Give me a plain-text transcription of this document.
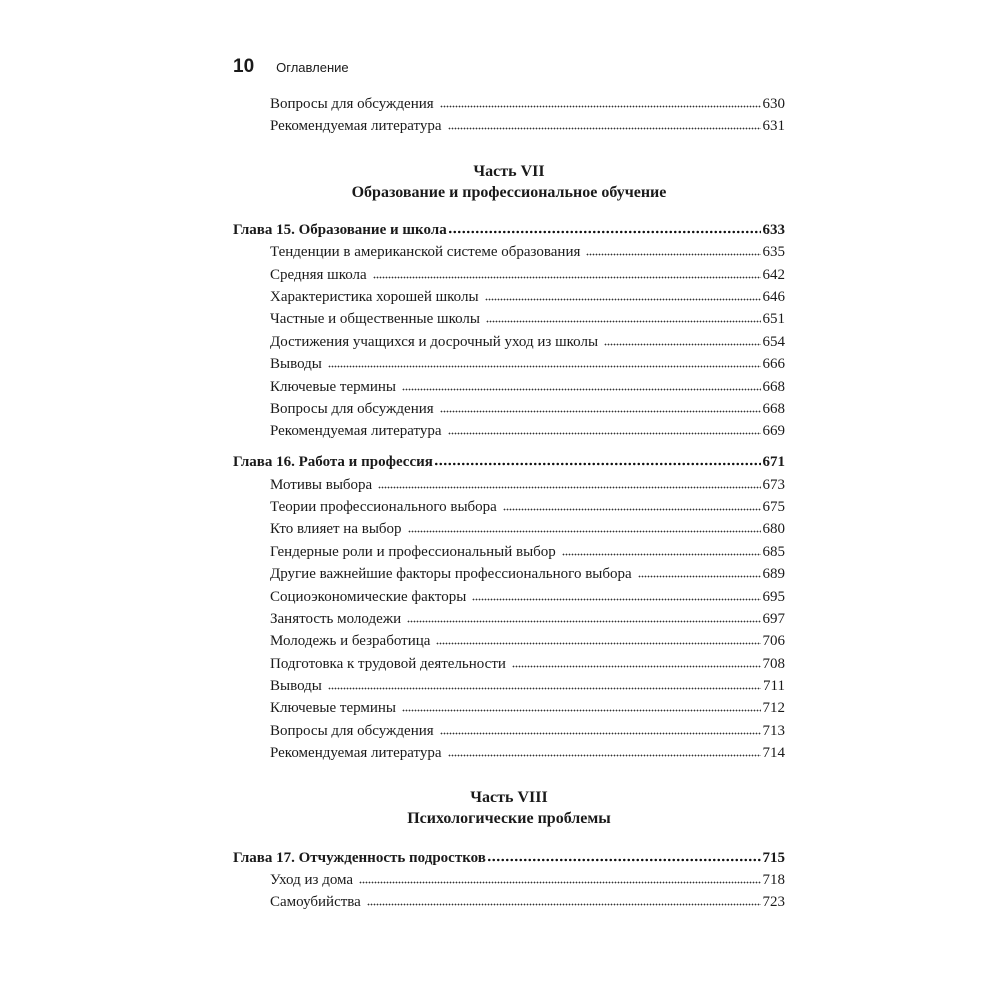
10 Оглавление
Вопросы для обсуждения	630
Рекомендуемая литература	631
Часть VII
Образование и профессиональное обучение
Глава 15. Образование и школа	633
Тенденции в американской системе образования	635
Средняя школа	642
Характеристика хорошей школы	646
Частные и общественные школы	651
Достижения учащихся и досрочный уход из школы	654
Выводы	666
Ключевые термины	668
Вопросы для обсуждения	668
Рекомендуемая литература	669
Глава 16. Работа и профессия	671
Мотивы выбора	673
Теории профессионального выбора	675
Кто влияет на выбор	680
Гендерные роли и профессиональный выбор	685
Другие важнейшие факторы профессионального выбора	689
Социоэкономические факторы	695
Занятость молодежи	697
Молодежь и безработица	706
Подготовка к трудовой деятельности	708
Выводы	711
Ключевые термины	712
Вопросы для обсуждения	713
Рекомендуемая литература	714
Часть VIII
Психологические проблемы
Глава 17. Отчужденность подростков	715
Уход из дома	718
Самоубийства	723
